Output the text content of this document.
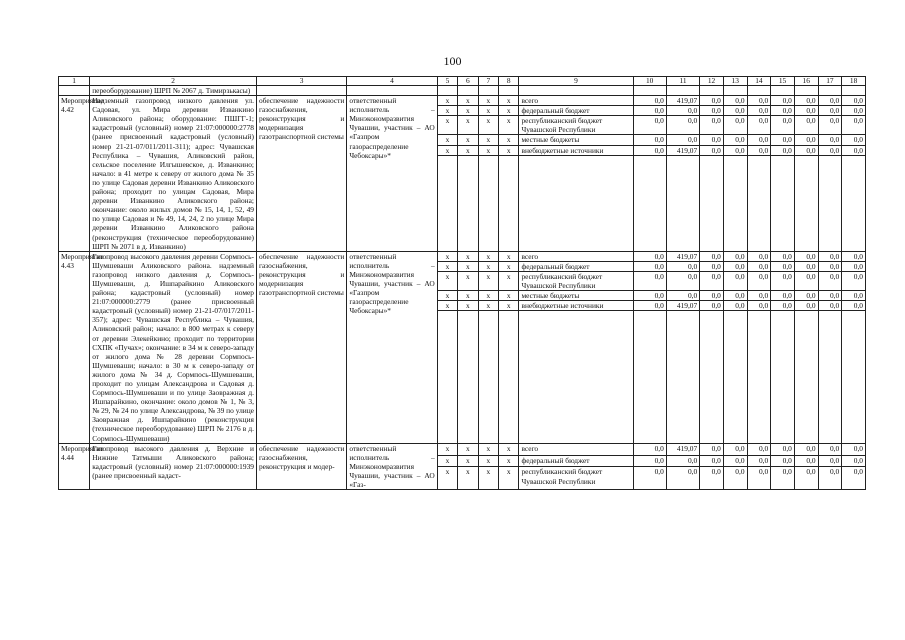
100
1	2	3	4	5	6	7	8	9	10	11	12	13	14	15	16	17	18
	переоборудование) ШРП № 2067 д. Тимирзькасы)																
Мероприятие 4.42	Надземный газопровод низкого давления ул. Садовая, ул. Мира деревни Изванкино Аликовского района; оборудование: ПШГГ-1; кадастровый (условный) номер 21:07:000000:2778 (ранее присвоенный кадастровый (условный) номер 21-21-07/011/2011-311); адрес: Чувашская Республика – Чувашия, Аликовский район, сельское поселение Илгышевское, д. Изванкино; начало: в 41 метре к северу от жилого дома № 35 по улице Садовая деревни Изванкино Аликовского района; проходит по улицам Садовая, Мира деревни Изванкино Аликовского района; окончание: около жилых домов № 15, 14, 1, 52, 49 по улице Садовая и № 49, 14, 24, 2 по улице Мира деревни Изванкино Аликовского района (реконструкция (техническое переоборудование) ШРП № 2071 в д. Изванкино)	обеспечение надежности газоснабжения, реконструкция и модернизация газотранспортной системы	ответственный исполнитель – Минэкономразвития Чувашии, участник – АО «Газпром газораспределение Чебоксары»*	x	x	x	x	всего	0,0	419,07	0,0	0,0	0,0	0,0	0,0	0,0	0,0
				x	x	x	x	федеральный бюджет	0,0	0,0	0,0	0,0	0,0	0,0	0,0	0,0	0,0
				x	x	x	x	республиканский бюджет Чувашской Республики	0,0	0,0	0,0	0,0	0,0	0,0	0,0	0,0	0,0
				x	x	x	x	местные бюджеты	0,0	0,0	0,0	0,0	0,0	0,0	0,0	0,0	0,0
				x	x	x	x	внебюджетные источники	0,0	419,07	0,0	0,0	0,0	0,0	0,0	0,0	0,0

Мероприятие 4.43	Газопровод высокого давления деревни Сормпось-Шумшеваши Аликовского района. надземный газопровод низкого давления д. Сормпось-Шумшеваши, д. Ишпарайкино Аликовского района; кадастровый (условный) номер 21:07:000000:2779 (ранее присвоенный кадастровый (условный) номер 21-21-07/017/2011-357); адрес: Чувашская Республика – Чувашия, Аликовский район; начало: в 800 метрах к северу от деревни Элекейкино; проходит по территории СХПК «Пучах»; окончание: в 34 м к северо-западу от жилого дома № 28 деревни Сормпось-Шумшеваши; начало: в 30 м к северо-западу от жилого дома № 34 д. Сормпось-Шумшеваши, проходит по улицам Александрова и Садовая д. Сормпось-Шумшеваши и по улице Заовражная д. Ишпарайкино, окончание: около домов № 1, № 3, № 29, № 24 по улице Александрова, № 39 по улице Заовражная д. Ишпарайкино (реконструкция (техническое переоборудование) ШРП № 2176 в д. Сормпось-Шумшеваши)	обеспечение надежности газоснабжения, реконструкция и модернизация газотранспортной системы	ответственный исполнитель – Минэкономразвития Чувашии, участник – АО «Газпром газораспределение Чебоксары»*	x	x	x	x	всего	0,0	419,07	0,0	0,0	0,0	0,0	0,0	0,0	0,0
				x	x	x	x	федеральный бюджет	0,0	0,0	0,0	0,0	0,0	0,0	0,0	0,0	0,0
				x	x	x	x	республиканский бюджет Чувашской Республики	0,0	0,0	0,0	0,0	0,0	0,0	0,0	0,0	0,0
				x	x	x	x	местные бюджеты	0,0	0,0	0,0	0,0	0,0	0,0	0,0	0,0	0,0
				x	x	x	x	внебюджетные источники	0,0	419,07	0,0	0,0	0,0	0,0	0,0	0,0	0,0

Мероприятие 4.44	Газопровод высокого давления д. Верхние и Нижние Татмыши Аликовского района; кадастровый (условный) номер 21:07:000000:1939 (ранее присвоенный кадаст-	обеспечение надежности газоснабжения, реконструкция и модер-	ответственный исполнитель – Минэкономразвития Чувашии, участник – АО «Газ-	x	x	x	x	всего	0,0	419,07	0,0	0,0	0,0	0,0	0,0	0,0	0,0
				x	x	x	x	федеральный бюджет	0,0	0,0	0,0	0,0	0,0	0,0	0,0	0,0	0,0
				x	x	x	x	республиканский бюджет Чувашской Республики	0,0	0,0	0,0	0,0	0,0	0,0	0,0	0,0	0,0
